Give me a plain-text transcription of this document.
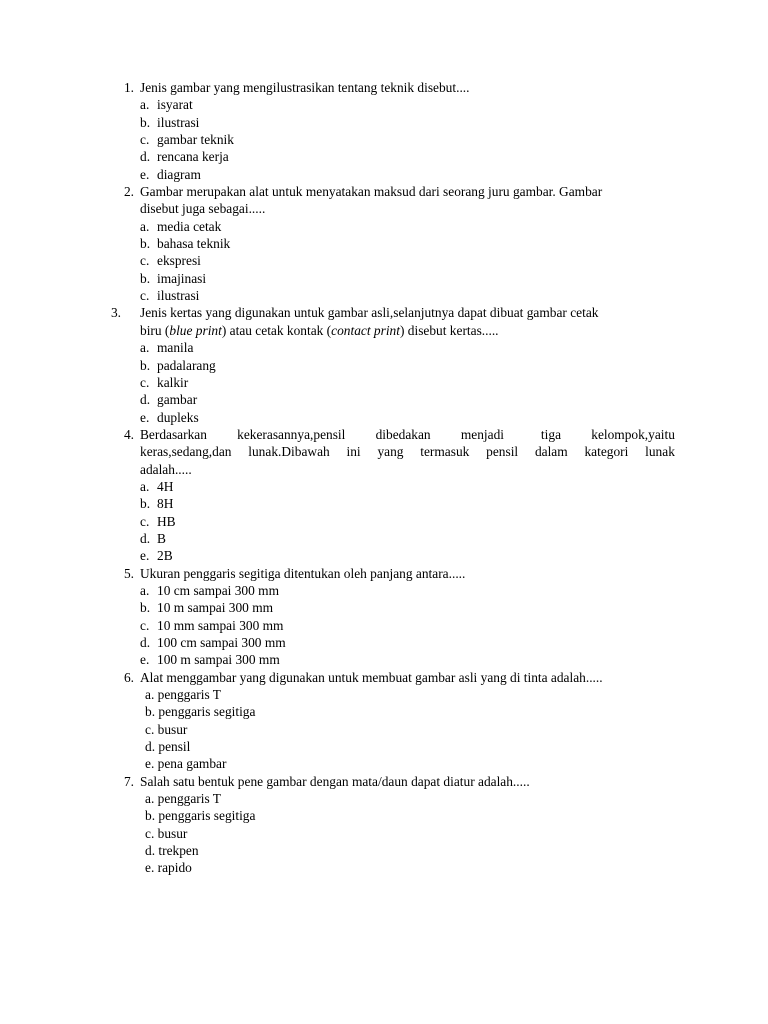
1. Jenis gambar yang mengilustrasikan tentang teknik disebut....
a. isyarat
b. ilustrasi
c. gambar teknik
d. rencana kerja
e. diagram
2. Gambar merupakan alat untuk menyatakan maksud dari seorang juru gambar. Gambar
disebut juga sebagai.....
a. media cetak
b. bahasa teknik
c. ekspresi
b. imajinasi
c. ilustrasi
3. Jenis kertas yang digunakan untuk gambar asli,selanjutnya dapat dibuat gambar cetak
biru (blue print) atau cetak kontak (contact print) disebut kertas.....
a. manila
b. padalarang
c. kalkir
d. gambar
e. dupleks
4. Berdasarkan kekerasannya,pensil dibedakan menjadi tiga kelompok,yaitu
keras,sedang,dan lunak.Dibawah ini yang termasuk pensil dalam kategori lunak
adalah.....
a. 4H
b. 8H
c. HB
d. B
e. 2B
5. Ukuran penggaris segitiga ditentukan oleh panjang antara.....
a. 10 cm sampai 300 mm
b. 10 m sampai 300 mm
c. 10 mm sampai 300 mm
d. 100 cm sampai 300 mm
e. 100 m sampai 300 mm
6. Alat menggambar yang digunakan untuk membuat gambar asli yang di tinta adalah.....
a. penggaris T
b. penggaris segitiga
c. busur
d. pensil
e. pena gambar
7. Salah satu bentuk pene gambar dengan mata/daun dapat diatur adalah.....
a. penggaris T
b. penggaris segitiga
c. busur
d. trekpen
e. rapido
